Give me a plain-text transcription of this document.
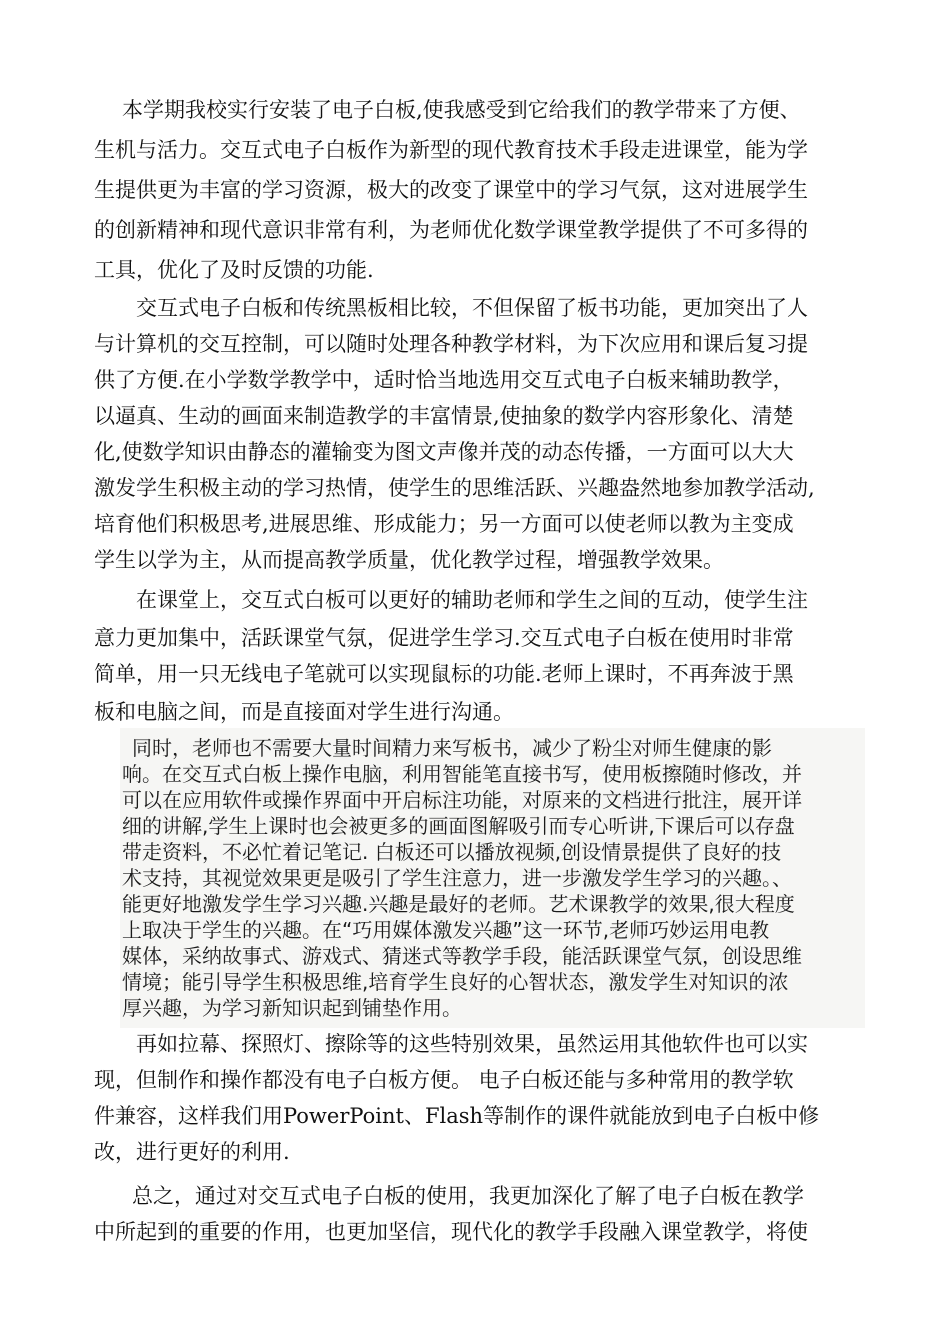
本学期我校实行安装了电子白板,使我感受到它给我们的教学带来了方便、
生机与活力。交互式电子白板作为新型的现代教育技术手段走进课堂，能为学
生提供更为丰富的学习资源，极大的改变了课堂中的学习气氛，这对进展学生
的创新精神和现代意识非常有利，为老师优化数学课堂教学提供了不可多得的
工具，优化了及时反馈的功能.
交互式电子白板和传统黑板相比较，不但保留了板书功能，更加突出了人
与计算机的交互控制，可以随时处理各种教学材料，为下次应用和课后复习提
供了方便.在小学数学教学中，适时恰当地选用交互式电子白板来辅助教学，
以逼真、生动的画面来制造教学的丰富情景,使抽象的数学内容形象化、清楚
化,使数学知识由静态的灌输变为图文声像并茂的动态传播，一方面可以大大
激发学生积极主动的学习热情，使学生的思维活跃、兴趣盎然地参加教学活动,
培育他们积极思考,进展思维、形成能力；另一方面可以使老师以教为主变成
学生以学为主，从而提高教学质量，优化教学过程，增强教学效果。
在课堂上，交互式白板可以更好的辅助老师和学生之间的互动，使学生注
意力更加集中，活跃课堂气氛，促进学生学习.交互式电子白板在使用时非常
简单，用一只无线电子笔就可以实现鼠标的功能.老师上课时，不再奔波于黑
板和电脑之间，而是直接面对学生进行沟通。
同时，老师也不需要大量时间精力来写板书，减少了粉尘对师生健康的影
响。在交互式白板上操作电脑，利用智能笔直接书写，使用板擦随时修改，并
可以在应用软件或操作界面中开启标注功能，对原来的文档进行批注，展开详
细的讲解,学生上课时也会被更多的画面图解吸引而专心听讲,下课后可以存盘
带走资料，不必忙着记笔记. 白板还可以播放视频,创设情景提供了良好的技
术支持，其视觉效果更是吸引了学生注意力，进一步激发学生学习的兴趣。、
能更好地激发学生学习兴趣.兴趣是最好的老师。艺术课教学的效果,很大程度
上取决于学生的兴趣。在“巧用媒体激发兴趣”这一环节,老师巧妙运用电教
媒体，采纳故事式、游戏式、猜迷式等教学手段，能活跃课堂气氛，创设思维
情境；能引导学生积极思维,培育学生良好的心智状态，激发学生对知识的浓
厚兴趣，为学习新知识起到铺垫作用。
再如拉幕、探照灯、擦除等的这些特别效果，虽然运用其他软件也可以实
现，但制作和操作都没有电子白板方便。 电子白板还能与多种常用的教学软
件兼容，这样我们用PowerPoint、Flash等制作的课件就能放到电子白板中修
改，进行更好的利用.
总之，通过对交互式电子白板的使用，我更加深化了解了电子白板在教学
中所起到的重要的作用，也更加坚信，现代化的教学手段融入课堂教学，将使
